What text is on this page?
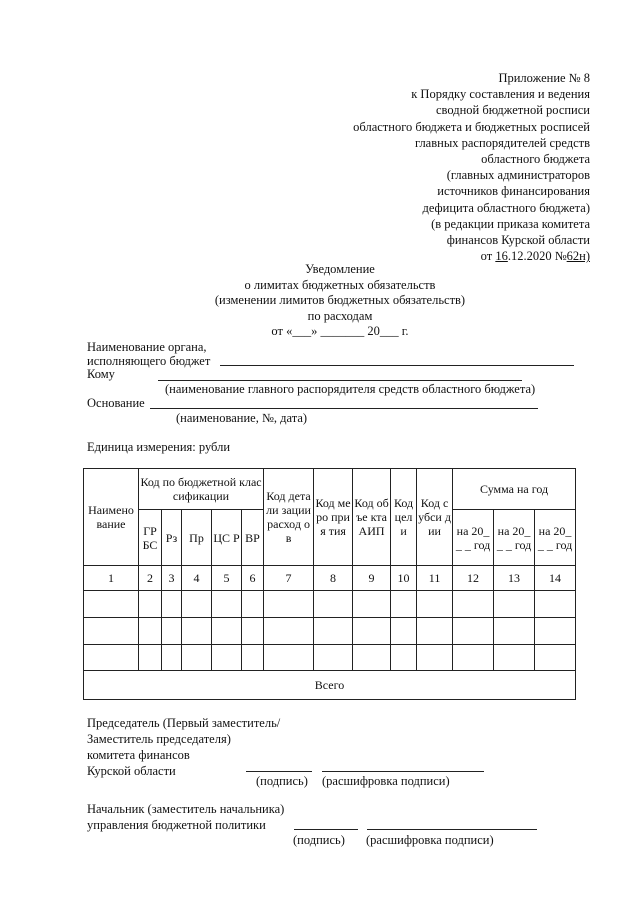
Приложение № 8
к Порядку составления и ведения
сводной бюджетной росписи
областного бюджета и бюджетных росписей
главных распорядителей средств
областного бюджета
(главных администраторов
источников финансирования
дефицита областного бюджета)
(в редакции приказа комитета
финансов Курской области
от 16.12.2020 №62н)
Уведомление
о лимитах бюджетных обязательств
(изменении лимитов бюджетных обязательств)
по расходам
от «___» _______ 20___ г.
Наименование органа,
исполняющего бюджет
Кому
(наименование главного распорядителя средств областного бюджета)
Основание
(наименование, №, дата)
Единица измерения: рубли
Наимено вание	Код по бюджетной классификации					Код детали зации расход ов	Код меро прия тия	Код объе кта АИП	Код цел и	Код субси дии	Сумма на год		
	ГР БС	Рз	Пр	ЦС Р	ВР						на 20__ _ год	на 20__ _ год	на 20__ _ год
1	2	3	4	5	6	7	8	9	10	11	12	13	14

Всего													
Председатель (Первый заместитель/
Заместитель председателя)
комитета финансов
Курской области
(подпись) (расшифровка подписи)
Начальник (заместитель начальника)
управления бюджетной политики
(подпись) (расшифровка подписи)
